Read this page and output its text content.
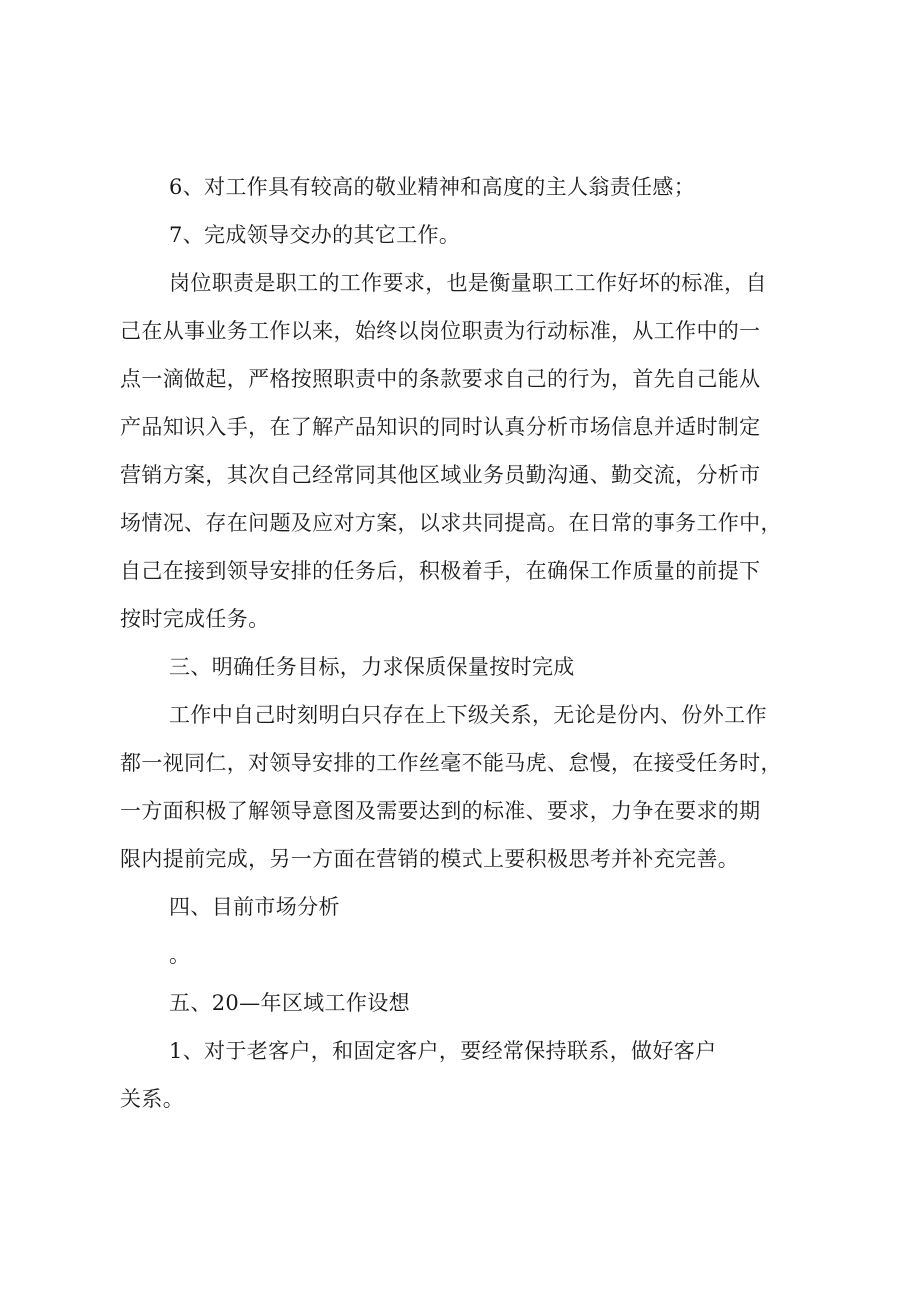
6、对工作具有较高的敬业精神和高度的主人翁责任感；
7、完成领导交办的其它工作。
岗位职责是职工的工作要求，也是衡量职工工作好坏的标准，自
己在从事业务工作以来，始终以岗位职责为行动标准，从工作中的一
点一滴做起，严格按照职责中的条款要求自己的行为，首先自己能从
产品知识入手，在了解产品知识的同时认真分析市场信息并适时制定
营销方案，其次自己经常同其他区域业务员勤沟通、勤交流，分析市
场情况、存在问题及应对方案，以求共同提高。在日常的事务工作中，
自己在接到领导安排的任务后，积极着手，在确保工作质量的前提下
按时完成任务。
三、明确任务目标，力求保质保量按时完成
工作中自己时刻明白只存在上下级关系，无论是份内、份外工作
都一视同仁，对领导安排的工作丝毫不能马虎、怠慢，在接受任务时，
一方面积极了解领导意图及需要达到的标准、要求，力争在要求的期
限内提前完成，另一方面在营销的模式上要积极思考并补充完善。
四、目前市场分析
。
五、20—年区域工作设想
1、对于老客户，和固定客户，要经常保持联系，做好客户
关系。
